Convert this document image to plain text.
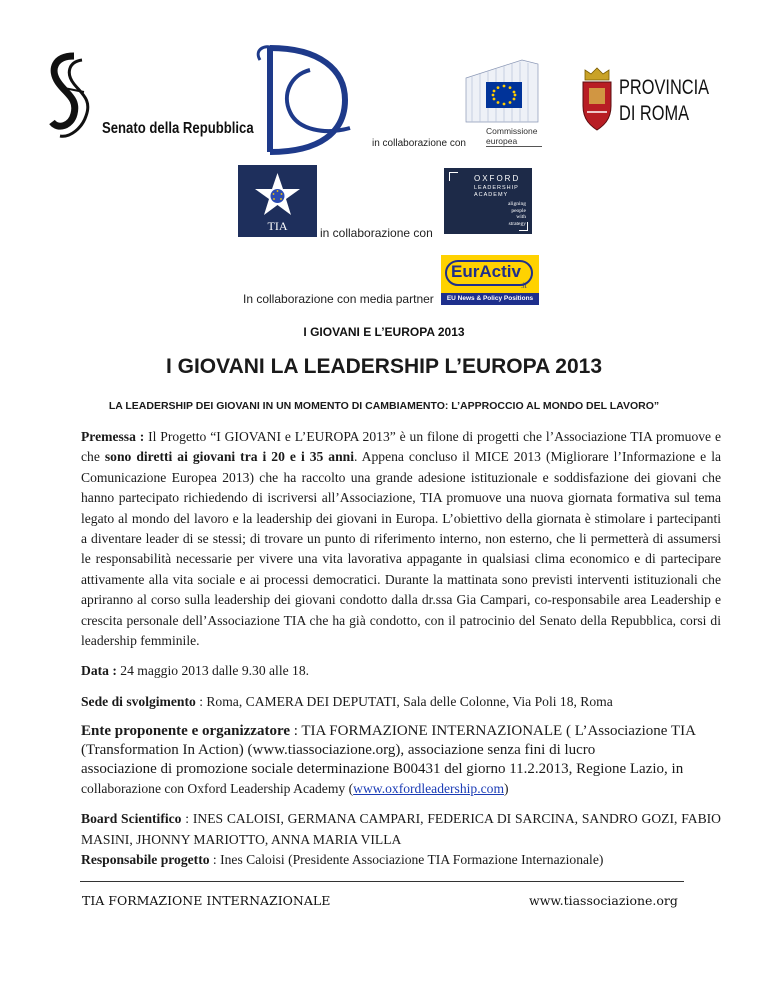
Senato della Repubblica
in collaborazione con
Commissione europea
PROVINCIA
DI ROMA
TIA	in collaborazione con
OXFORD
LEADERSHIP
ACADEMY
aligning
people
with
strategy
In collaborazione con media partner
EurActiv
.it
EU News & Policy Positions
I GIOVANI E L’EUROPA 2013
I GIOVANI LA LEADERSHIP L’EUROPA 2013
LA LEADERSHIP DEI GIOVANI IN UN MOMENTO DI CAMBIAMENTO: L’APPROCCIO AL MONDO DEL LAVORO”

Premessa : Il Progetto “I GIOVANI e L’EUROPA 2013” è un filone di progetti che l’Associazione TIA promuove e che sono diretti ai giovani tra i 20 e i 35 anni. Appena concluso il MICE 2013 (Migliorare l’Informazione e la Comunicazione Europea 2013) che ha raccolto una grande adesione istituzionale e soddisfazione dei giovani che hanno partecipato richiedendo di iscriversi all’Associazione, TIA promuove una nuova giornata formativa sul tema legato al mondo del lavoro e la leadership dei giovani in Europa. L’obiettivo della giornata è stimolare i partecipanti a diventare leader di se stessi; di trovare un punto di riferimento interno, non esterno, che li permetterà di assumersi le responsabilità necessarie per vivere una vita lavorativa appagante in qualsiasi clima economico e di partecipare attivamente alla vita sociale e ai processi democratici. Durante la mattinata sono previsti interventi istituzionali che apriranno al corso sulla leadership dei giovani condotto dalla dr.ssa Gia Campari, co-responsabile area Leadership e crescita personale dell’Associazione TIA che ha già condotto, con il patrocinio del Senato della Repubblica, corsi di leadership femminile.

Data : 24 maggio 2013 dalle 9.30 alle 18.

Sede di svolgimento : Roma, CAMERA DEI DEPUTATI, Sala delle Colonne, Via Poli 18, Roma

Ente proponente e organizzatore : TIA FORMAZIONE INTERNAZIONALE ( L’Associazione TIA (Transformation In Action) (www.tiassociazione.org), associazione senza fini di lucro
associazione di promozione sociale determinazione B00431 del giorno 11.2.2013, Regione Lazio, in
collaborazione con Oxford Leadership Academy (www.oxfordleadership.com)

Board Scientifico : INES CALOISI, GERMANA CAMPARI, FEDERICA DI SARCINA, SANDRO GOZI, FABIO MASINI, JHONNY MARIOTTO, ANNA MARIA VILLA

Responsabile progetto : Ines Caloisi (Presidente Associazione TIA Formazione Internazionale)

TIA FORMAZIONE INTERNAZIONALE	www.tiassociazione.org
